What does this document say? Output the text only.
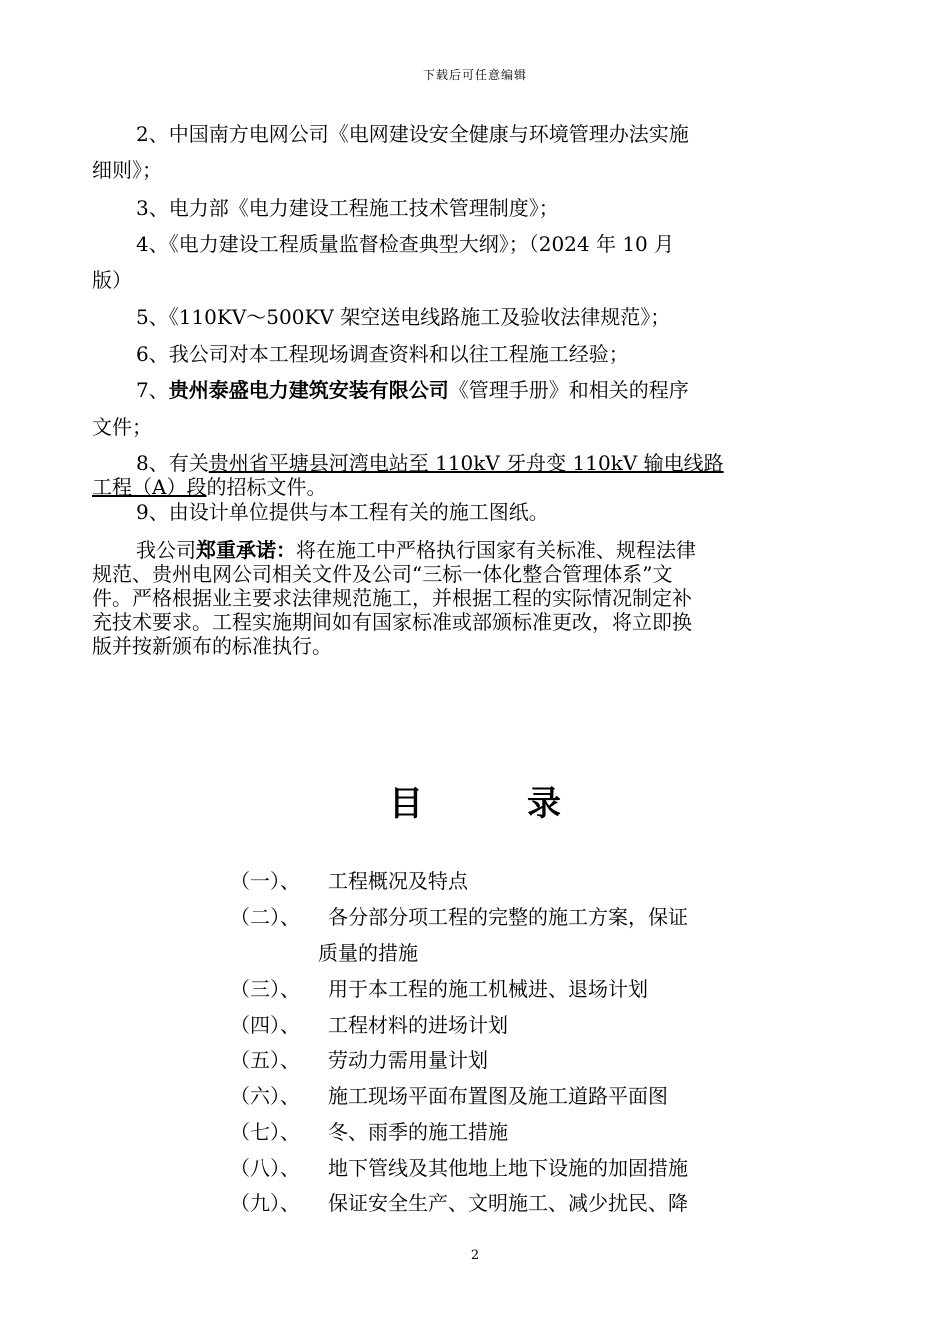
下载后可任意编辑
2、中国南方电网公司《电网建设安全健康与环境管理办法实施
细则》；
3、电力部《电力建设工程施工技术管理制度》；
4、《电力建设工程质量监督检查典型大纲》；（2024 年 10 月
版）
5、《110KV～500KV 架空送电线路施工及验收法律规范》；
6、我公司对本工程现场调查资料和以往工程施工经验；
7、贵州泰盛电力建筑安装有限公司《管理手册》和相关的程序
文件；
8、有关贵州省平塘县河湾电站至 110kV 牙舟变 110kV 输电线路
工程（A）段的招标文件。
9、由设计单位提供与本工程有关的施工图纸。
我公司郑重承诺：将在施工中严格执行国家有关标准、规程法律
规范、贵州电网公司相关文件及公司“三标一体化整合管理体系”文
件。严格根据业主要求法律规范施工，并根据工程的实际情况制定补
充技术要求。工程实施期间如有国家标准或部颁标准更改，将立即换
版并按新颁布的标准执行。
目	录
（一）、 工程概况及特点
（二）、 各分部分项工程的完整的施工方案，保证
质量的措施
（三）、 用于本工程的施工机械进、退场计划
（四）、 工程材料的进场计划
（五）、 劳动力需用量计划
（六）、 施工现场平面布置图及施工道路平面图
（七）、 冬、雨季的施工措施
（八）、 地下管线及其他地上地下设施的加固措施
（九）、 保证安全生产、文明施工、减少扰民、降
2
